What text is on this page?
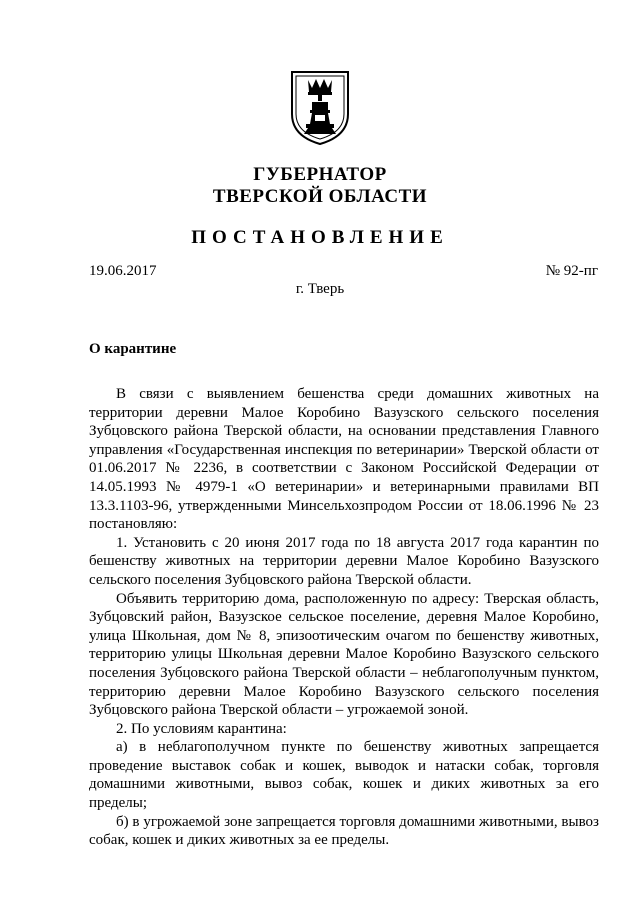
ГУБЕРНАТОР
ТВЕРСКОЙ ОБЛАСТИ
ПОСТАНОВЛЕНИЕ
19.06.2017	№ 92-пг
г. Тверь
О карантине

В связи с выявлением бешенства среди домашних животных на территории деревни Малое Коробино Вазузского сельского поселения Зубцовского района Тверской области, на основании представления Главного управления «Государственная инспекция по ветеринарии» Тверской области от 01.06.2017 № 2236, в соответствии с Законом Российской Федерации от 14.05.1993 № 4979-1 «О ветеринарии» и ветеринарными правилами ВП 13.3.1103-96, утвержденными Минсельхозпродом России от 18.06.1996 № 23 постановляю:

1. Установить с 20 июня 2017 года по 18 августа 2017 года карантин по бешенству животных на территории деревни Малое Коробино Вазузского сельского поселения Зубцовского района Тверской области.

Объявить территорию дома, расположенную по адресу: Тверская область, Зубцовский район, Вазузское сельское поселение, деревня Малое Коробино, улица Школьная, дом № 8, эпизоотическим очагом по бешенству животных, территорию улицы Школьная деревни Малое Коробино Вазузского сельского поселения Зубцовского района Тверской области – неблагополучным пунктом, территорию деревни Малое Коробино Вазузского сельского поселения Зубцовского района Тверской области – угрожаемой зоной.

2. По условиям карантина:

а) в неблагополучном пункте по бешенству животных запрещается проведение выставок собак и кошек, выводок и натаски собак, торговля домашними животными, вывоз собак, кошек и диких животных за его пределы;

б) в угрожаемой зоне запрещается торговля домашними животными, вывоз собак, кошек и диких животных за ее пределы.
